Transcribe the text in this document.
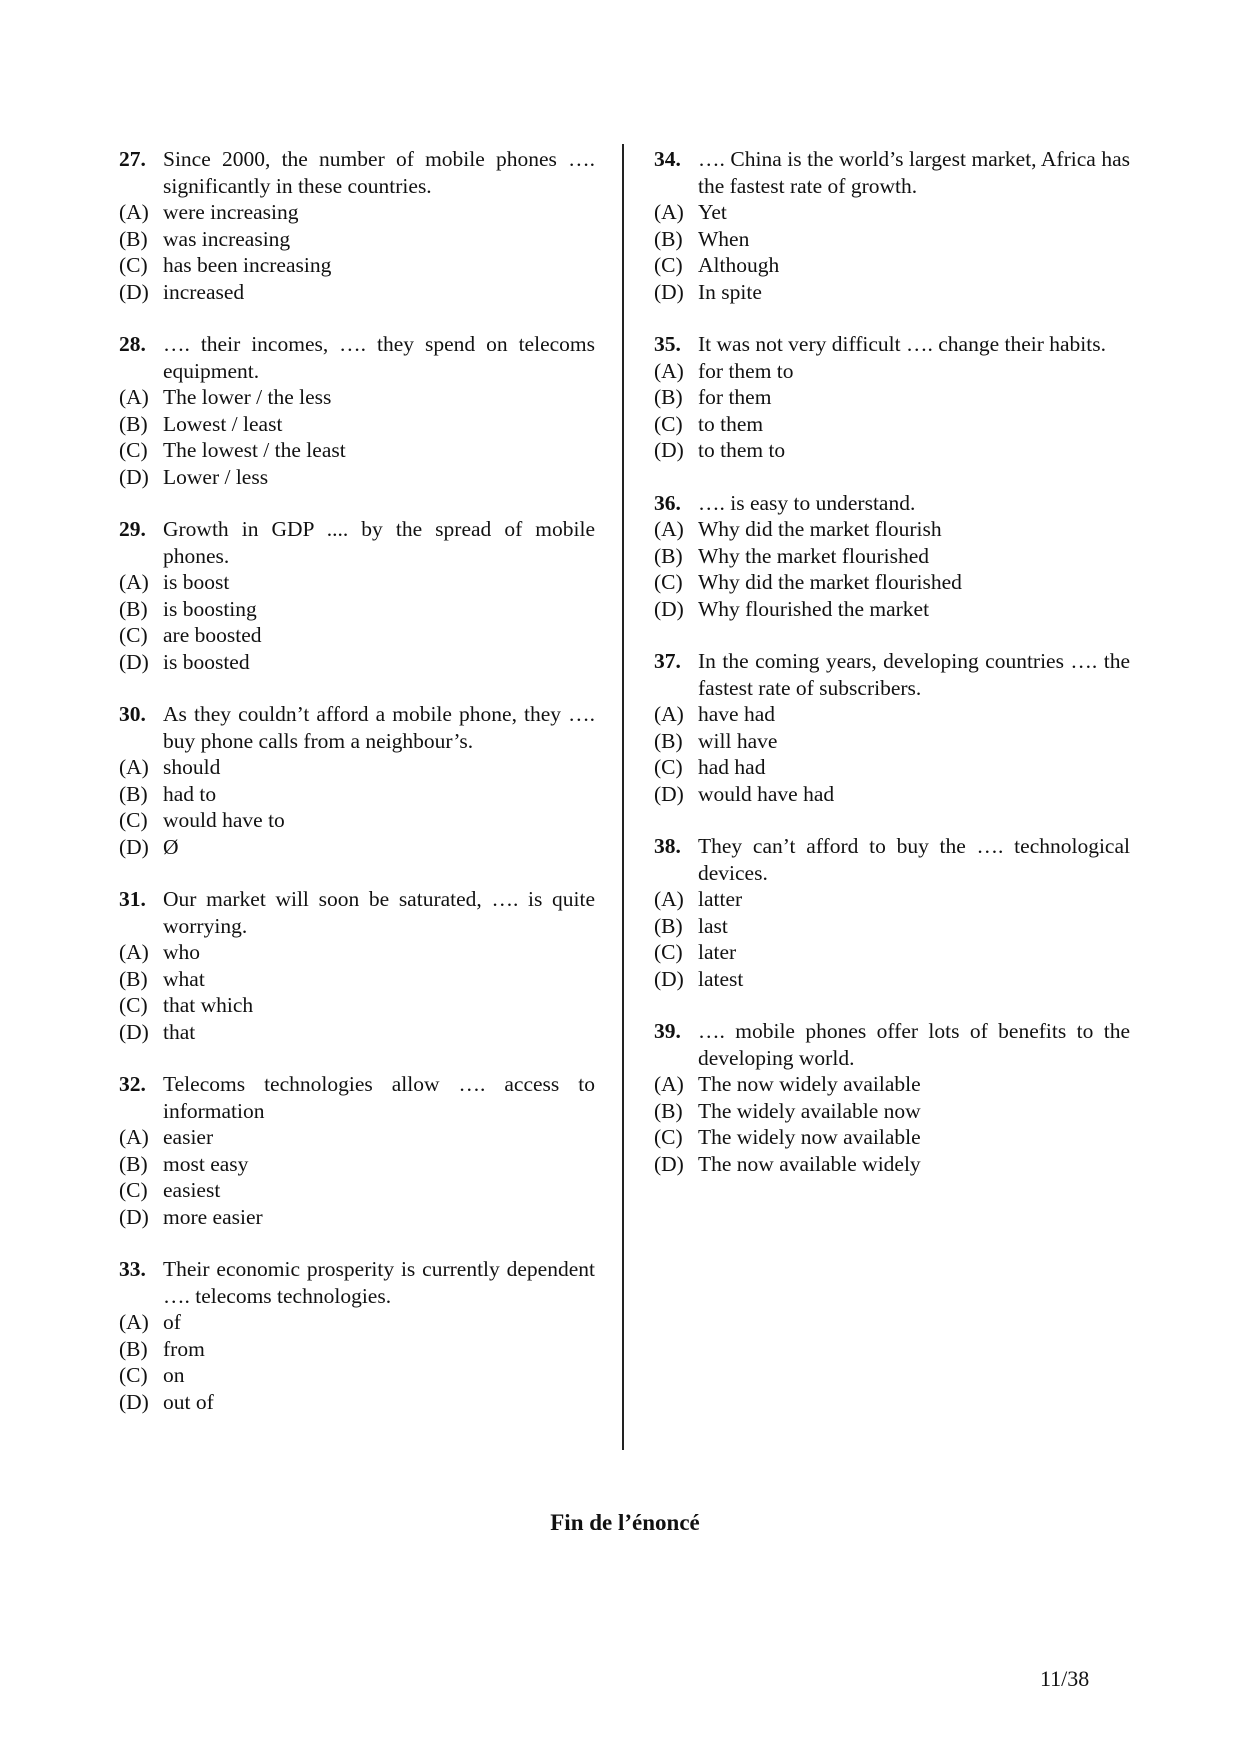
27. Since 2000, the number of mobile phones …. significantly in these countries.
(A) were increasing
(B) was increasing
(C) has been increasing
(D) increased
28. …. their incomes, …. they spend on telecoms equipment.
(A) The lower / the less
(B) Lowest / least
(C) The lowest / the least
(D) Lower / less
29. Growth in GDP .... by the spread of mobile phones.
(A) is boost
(B) is boosting
(C) are boosted
(D) is boosted
30. As they couldn’t afford a mobile phone, they …. buy phone calls from a neighbour’s.
(A) should
(B) had to
(C) would have to
(D) Ø
31. Our market will soon be saturated, …. is quite worrying.
(A) who
(B) what
(C) that which
(D) that
32. Telecoms technologies allow …. access to information
(A) easier
(B) most easy
(C) easiest
(D) more easier
33. Their economic prosperity is currently dependent …. telecoms technologies.
(A) of
(B) from
(C) on
(D) out of
34. …. China is the world’s largest market, Africa has the fastest rate of growth.
(A) Yet
(B) When
(C) Although
(D) In spite
35. It was not very difficult …. change their habits.
(A) for them to
(B) for them
(C) to them
(D) to them to
36. …. is easy to understand.
(A) Why did the market flourish
(B) Why the market flourished
(C) Why did the market flourished
(D) Why flourished the market
37. In the coming years, developing countries …. the fastest rate of subscribers.
(A) have had
(B) will have
(C) had had
(D) would have had
38. They can’t afford to buy the …. technological devices.
(A) latter
(B) last
(C) later
(D) latest
39. …. mobile phones offer lots of benefits to the developing world.
(A) The now widely available
(B) The widely available now
(C) The widely now available
(D) The now available widely
Fin de l’énoncé
11/38
